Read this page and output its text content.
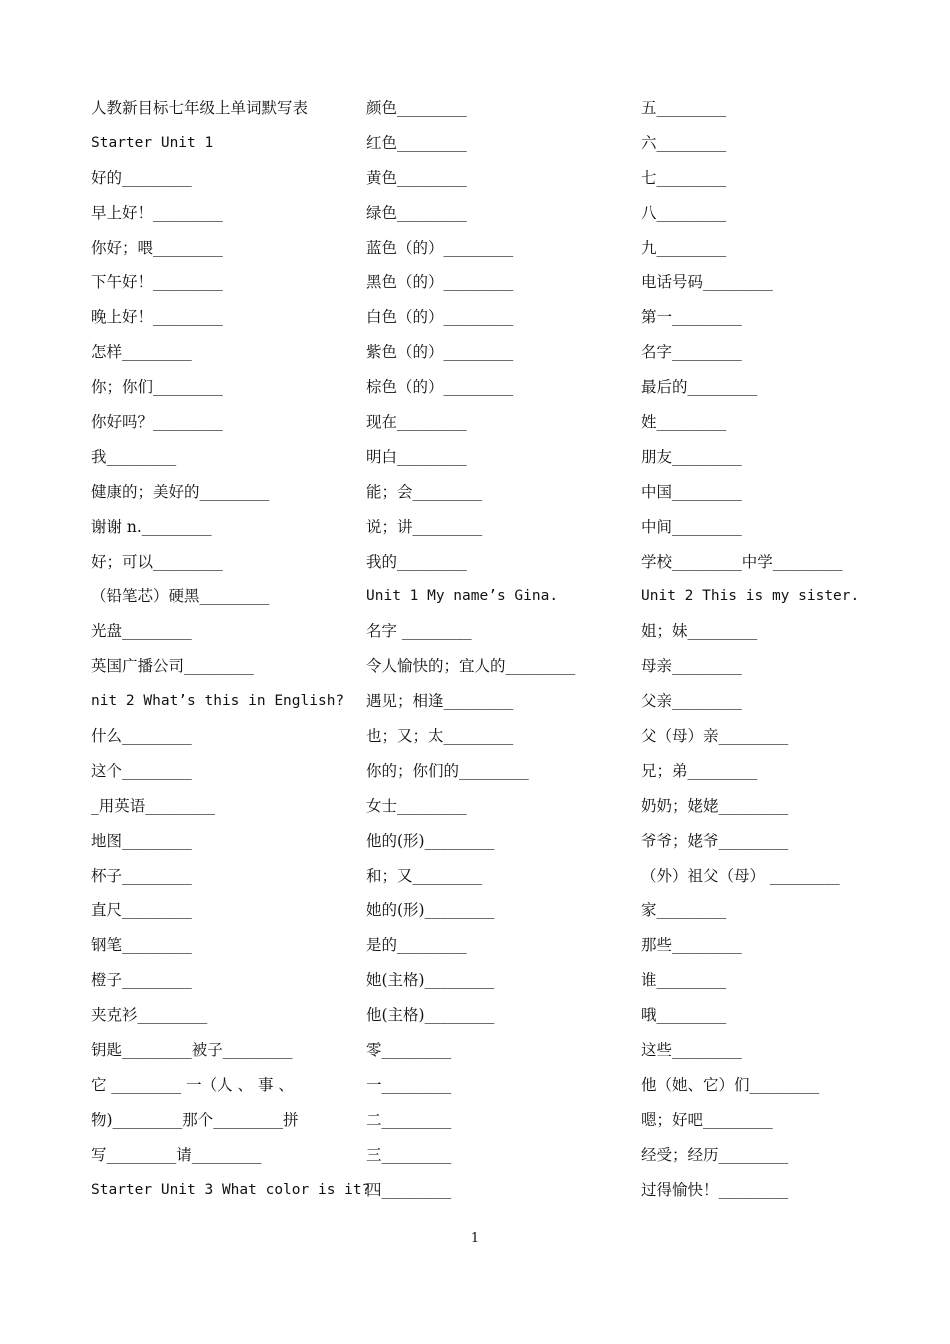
人教新目标七年级上单词默写表
Starter Unit 1
好的_________
早上好！_________
你好；喂_________
下午好！_________
晚上好！_________
怎样_________
你；你们_________
你好吗？_________
我_________
健康的；美好的_________
谢谢 n._________
好；可以_________
（铅笔芯）硬黑_________
光盘_________
英国广播公司_________
nit 2 What’s this in English?
什么_________
这个_________
_用英语_________
地图_________
杯子_________
直尺_________
钢笔_________
橙子_________
夹克衫_________
钥匙_________被子_________
它 _________ 一（人 、 事 、
物)_________那个_________拼
写_________请_________
Starter Unit 3 What color is it?
颜色_________
红色_________
黄色_________
绿色_________
蓝色（的）_________
黑色（的）_________
白色（的）_________
紫色（的）_________
棕色（的）_________
现在_________
明白_________
能；会_________
说；讲_________
我的_________
Unit 1 My name’s Gina.
名字 _________
令人愉快的；宜人的_________
遇见；相逢_________
也；又；太_________
你的；你们的_________
女士_________
他的(形)_________
和；又_________
她的(形)_________
是的_________
她(主格)_________
他(主格)_________
零_________
一_________
二_________
三_________
四_________
五_________
六_________
七_________
八_________
九_________
电话号码_________
第一_________
名字_________
最后的_________
姓_________
朋友_________
中国_________
中间_________
学校_________中学_________
Unit 2 This is my sister.
姐；妹_________
母亲_________
父亲_________
父（母）亲_________
兄；弟_________
奶奶；姥姥_________
爷爷；姥爷_________
（外）祖父（母） _________
家_________
那些_________
谁_________
哦_________
这些_________
他（她、它）们_________
嗯；好吧_________
经受；经历_________
过得愉快！_________
1
